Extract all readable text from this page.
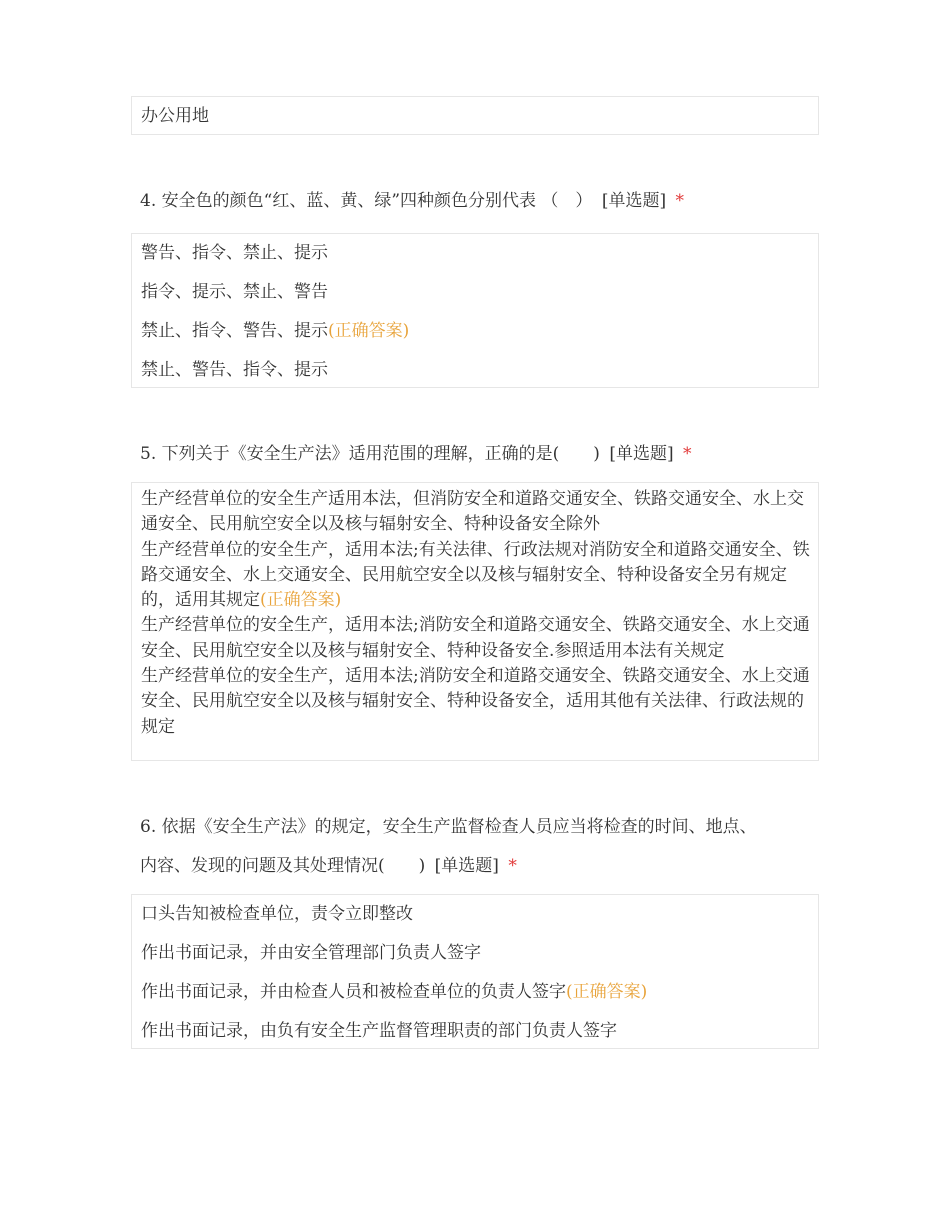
办公用地
4. 安全色的颜色“红、蓝、黄、绿”四种颜色分别代表 （　） [单选题] *
警告、指令、禁止、提示
指令、提示、禁止、警告
禁止、指令、警告、提示(正确答案)
禁止、警告、指令、提示
5. 下列关于《安全生产法》适用范围的理解，正确的是(　　) [单选题] *

生产经营单位的安全生产适用本法，但消防安全和道路交通安全、铁路交通安全、水上交通安全、民用航空安全以及核与辐射安全、特种设备安全除外

生产经营单位的安全生产，适用本法;有关法律、行政法规对消防安全和道路交通安全、铁路交通安全、水上交通安全、民用航空安全以及核与辐射安全、特种设备安全另有规定的，适用其规定(正确答案)

生产经营单位的安全生产，适用本法;消防安全和道路交通安全、铁路交通安全、水上交通安全、民用航空安全以及核与辐射安全、特种设备安全.参照适用本法有关规定

生产经营单位的安全生产，适用本法;消防安全和道路交通安全、铁路交通安全、水上交通安全、民用航空安全以及核与辐射安全、特种设备安全，适用其他有关法律、行政法规的规定

6. 依据《安全生产法》的规定，安全生产监督检查人员应当将检查的时间、地点、
内容、发现的问题及其处理情况(　　) [单选题] *
口头告知被检查单位，责令立即整改
作出书面记录，并由安全管理部门负责人签字
作出书面记录，并由检查人员和被检查单位的负责人签字(正确答案)
作出书面记录，由负有安全生产监督管理职责的部门负责人签字
